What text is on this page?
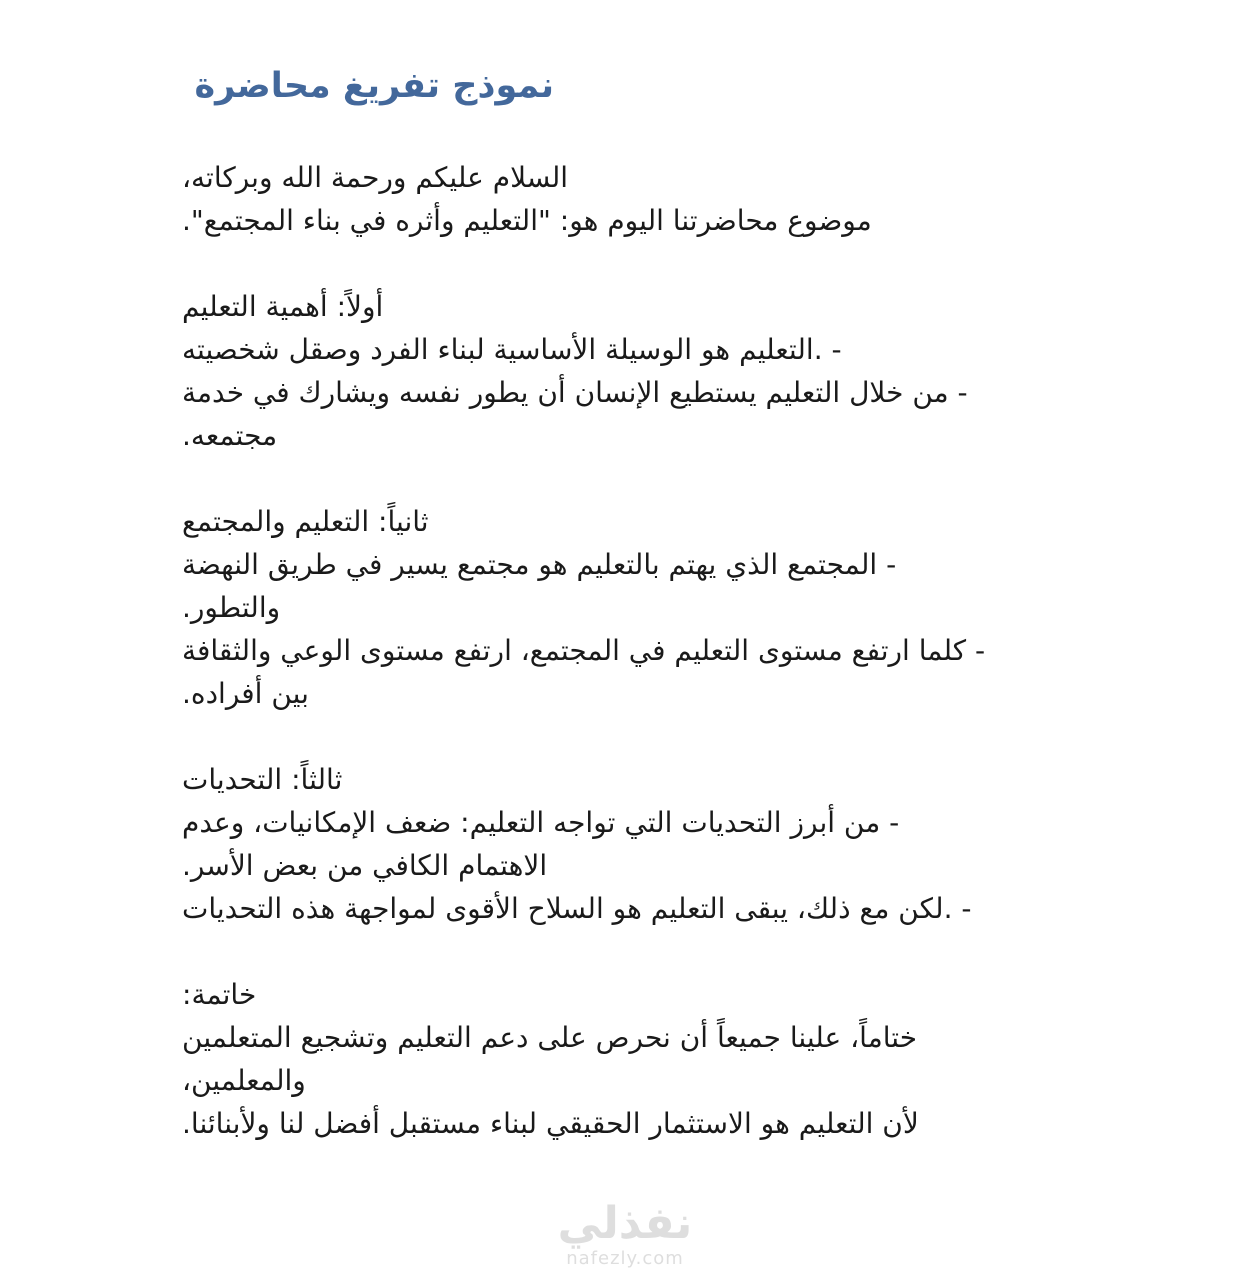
نموذج تفريغ محاضرة
،السلام عليكم ورحمة الله وبركاته
."موضوع محاضرتنا اليوم هو: "التعليم وأثره في بناء المجتمع
أولاً: أهمية التعليم
التعليم هو الوسيلة الأساسية لبناء الفرد وصقل شخصيته. -
من خلال التعليم يستطيع الإنسان أن يطور نفسه ويشارك في خدمة -
.مجتمعه
ثانياً: التعليم والمجتمع
المجتمع الذي يهتم بالتعليم هو مجتمع يسير في طريق النهضة -
.والتطور
كلما ارتفع مستوى التعليم في المجتمع، ارتفع مستوى الوعي والثقافة -
.بين أفراده
ثالثاً: التحديات
من أبرز التحديات التي تواجه التعليم: ضعف الإمكانيات، وعدم -
.الاهتمام الكافي من بعض الأسر
لكن مع ذلك، يبقى التعليم هو السلاح الأقوى لمواجهة هذه التحديات. -
:خاتمة
ختاماً، علينا جميعاً أن نحرص على دعم التعليم وتشجيع المتعلمين
،والمعلمين
.لأن التعليم هو الاستثمار الحقيقي لبناء مستقبل أفضل لنا ولأبنائنا
نفذلي
nafezly.com
